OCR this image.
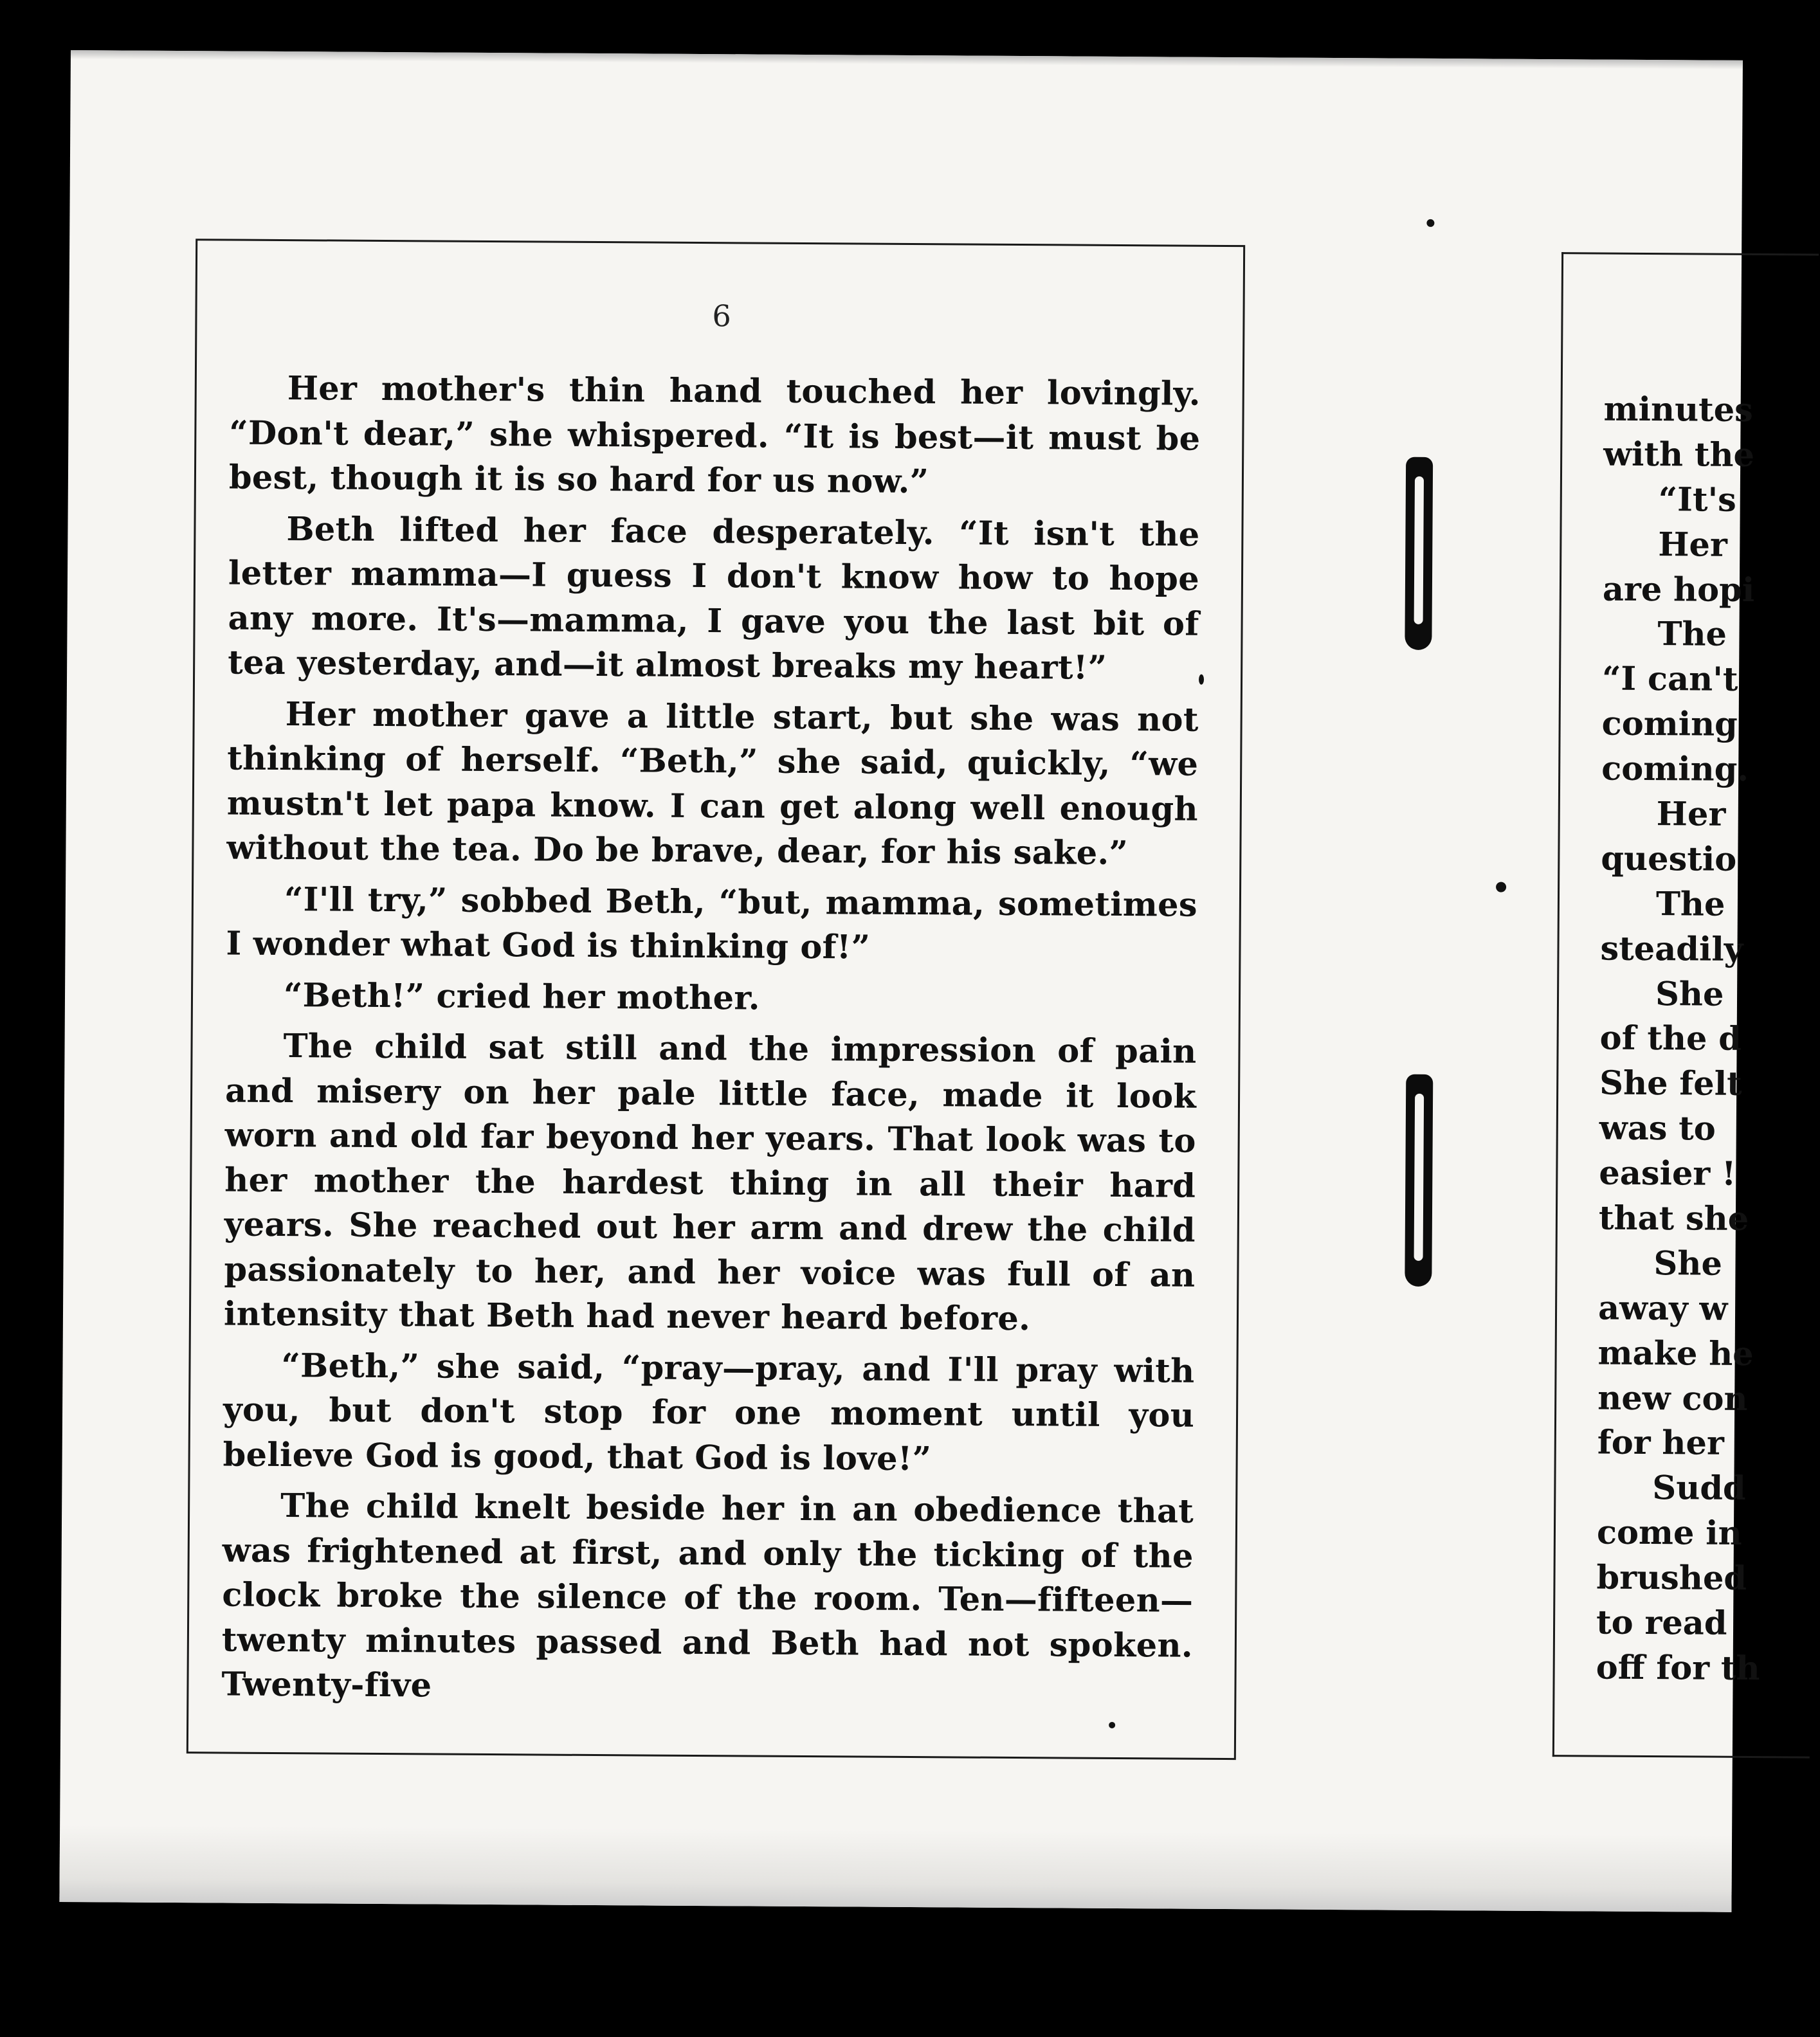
6

Her mother's thin hand touched her lovingly. “Don't dear,” she whispered. “It is best—it must be best, though it is so hard for us now.”

Beth lifted her face desperately. “It isn't the letter mamma—I guess I don't know how to hope any more. It's—mamma, I gave you the last bit of tea yesterday, and—it almost breaks my heart!”

Her mother gave a little start, but she was not thinking of herself. “Beth,” she said, quickly, “we mustn't let papa know. I can get along well enough without the tea. Do be brave, dear, for his sake.”

“I'll try,” sobbed Beth, “but, mamma, sometimes I wonder what God is thinking of!”

“Beth!” cried her mother.

The child sat still and the impression of pain and misery on her pale little face, made it look worn and old far beyond her years. That look was to her mother the hardest thing in all their hard years. She reached out her arm and drew the child passionately to her, and her voice was full of an intensity that Beth had never heard before.

“Beth,” she said, “pray—pray, and I'll pray with you, but don't stop for one moment until you believe God is good, that God is love!”

The child knelt beside her in an obedience that was frightened at first, and only the ticking of the clock broke the silence of the room. Ten—fifteen—twenty minutes passed and Beth had not spoken. Twenty-five

minutes
with the
“It's
Her
are hopi
The
“I can't
coming
coming.
Her
questio
The
steadily
She
of the d
She felt
was to
easier !
that she
She
away w
make he
new con
for her
Sudd
come in
brushed
to read
off for th
